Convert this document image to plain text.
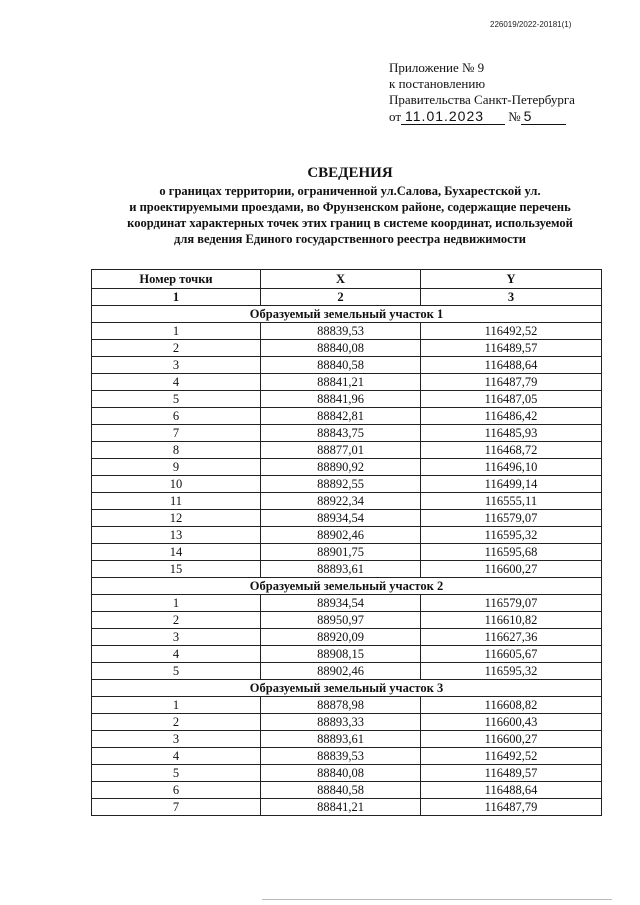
226019/2022-20181(1)
Приложение № 9
к постановлению
Правительства Санкт-Петербурга
от 11.01.2023 № 5
СВЕДЕНИЯ
о границах территории, ограниченной ул.Салова, Бухарестской ул.
и проектируемыми проездами, во Фрунзенском районе, содержащие перечень
координат характерных точек этих границ в системе координат, используемой
для ведения Единого государственного реестра недвижимости
Номер точки	X	Y
1	2	3
Образуемый земельный участок 1		
1	88839,53	116492,52
2	88840,08	116489,57
3	88840,58	116488,64
4	88841,21	116487,79
5	88841,96	116487,05
6	88842,81	116486,42
7	88843,75	116485,93
8	88877,01	116468,72
9	88890,92	116496,10
10	88892,55	116499,14
11	88922,34	116555,11
12	88934,54	116579,07
13	88902,46	116595,32
14	88901,75	116595,68
15	88893,61	116600,27
Образуемый земельный участок 2		
1	88934,54	116579,07
2	88950,97	116610,82
3	88920,09	116627,36
4	88908,15	116605,67
5	88902,46	116595,32
Образуемый земельный участок 3		
1	88878,98	116608,82
2	88893,33	116600,43
3	88893,61	116600,27
4	88839,53	116492,52
5	88840,08	116489,57
6	88840,58	116488,64
7	88841,21	116487,79
